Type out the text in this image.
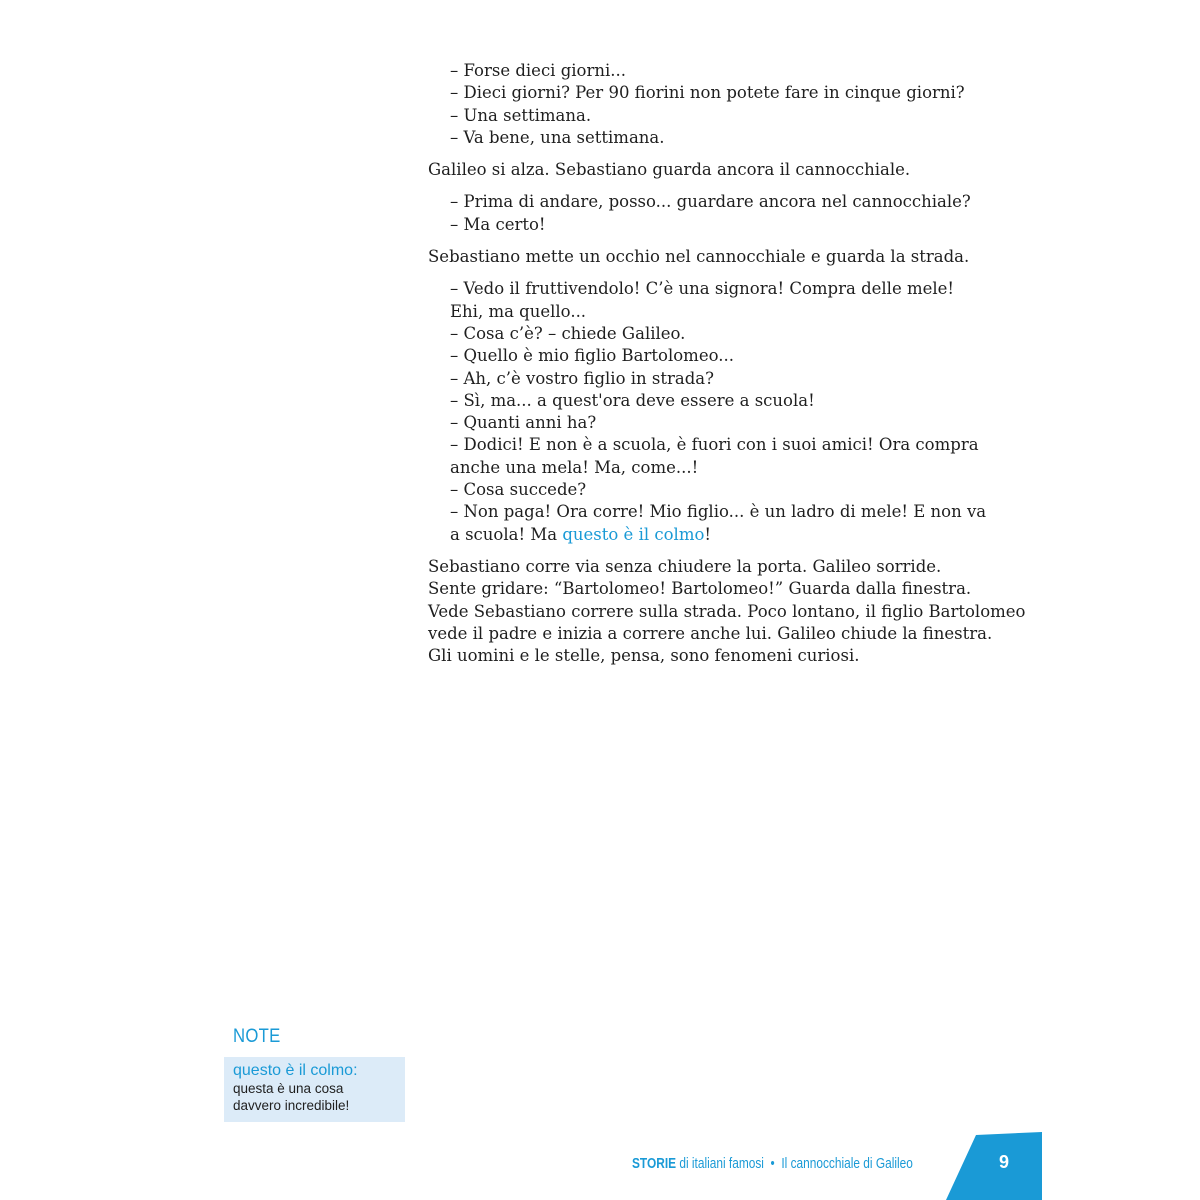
– Forse dieci giorni...
– Dieci giorni? Per 90 fiorini non potete fare in cinque giorni?
– Una settimana.
– Va bene, una settimana.
Galileo si alza. Sebastiano guarda ancora il cannocchiale.
– Prima di andare, posso... guardare ancora nel cannocchiale?
– Ma certo!
Sebastiano mette un occhio nel cannocchiale e guarda la strada.
– Vedo il fruttivendolo! C’è una signora! Compra delle mele!
Ehi, ma quello...
– Cosa c’è? – chiede Galileo.
– Quello è mio figlio Bartolomeo...
– Ah, c’è vostro figlio in strada?
– Sì, ma... a quest'ora deve essere a scuola!
– Quanti anni ha?
– Dodici! E non è a scuola, è fuori con i suoi amici! Ora compra
anche una mela! Ma, come...!
– Cosa succede?
– Non paga! Ora corre! Mio figlio... è un ladro di mele! E non va
a scuola! Ma questo è il colmo!
Sebastiano corre via senza chiudere la porta. Galileo sorride.
Sente gridare: “Bartolomeo! Bartolomeo!” Guarda dalla finestra.
Vede Sebastiano correre sulla strada. Poco lontano, il figlio Bartolomeo
vede il padre e inizia a correre anche lui. Galileo chiude la finestra.
Gli uomini e le stelle, pensa, sono fenomeni curiosi.
NOTE
questo è il colmo:
questa è una cosa
davvero incredibile!
STORIE di italiani famosi • Il cannocchiale di Galileo	9
